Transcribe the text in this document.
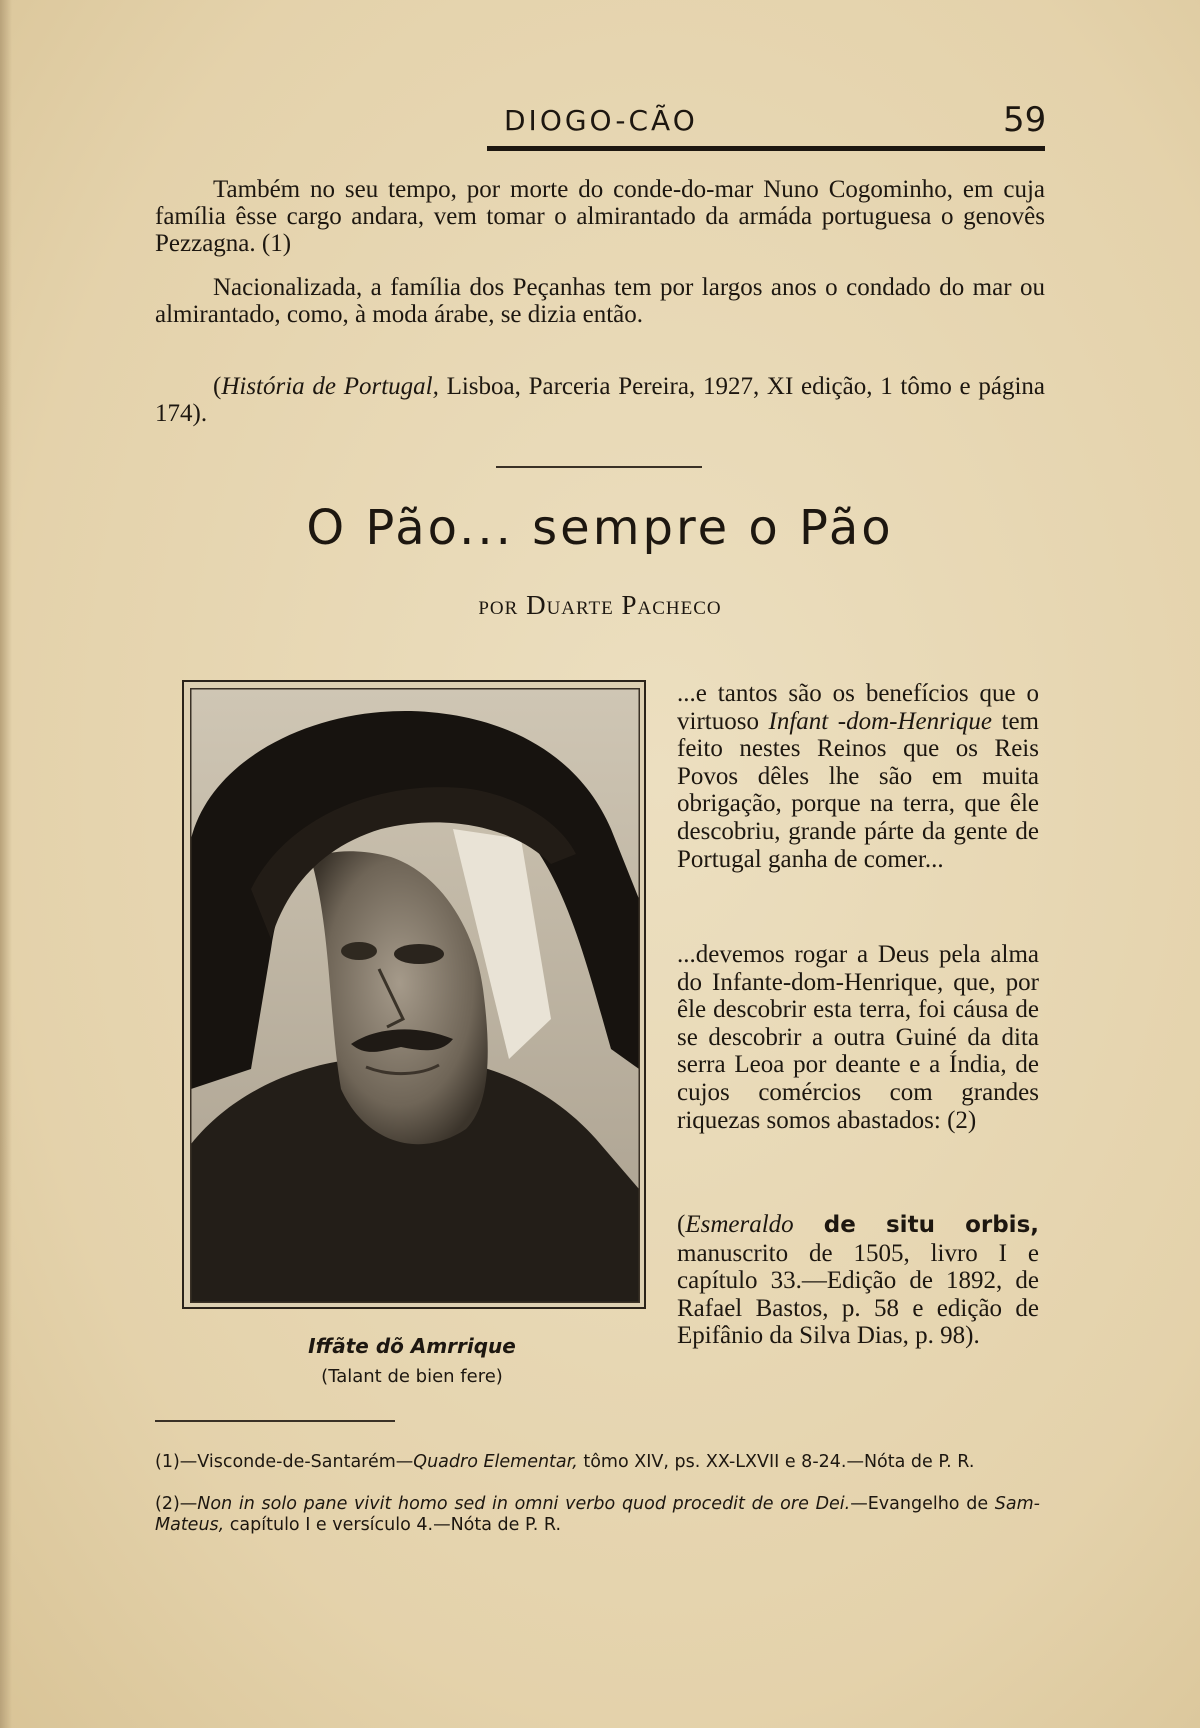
DIOGO-CÃO	59

Também no seu tempo, por morte do conde-do-mar Nuno Cogominho, em cuja família êsse cargo andara, vem tomar o almirantado da armáda portuguesa o genovês Pezzagna. (1)

Nacionalizada, a família dos Peçanhas tem por largos anos o condado do mar ou almirantado, como, à moda árabe, se dizia então.

(História de Portugal, Lisboa, Parceria Pereira, 1927, XI edição, 1 tômo e página 174).

O Pão... sempre o Pão
por Duarte Pacheco
Iffãte dõ Amrrique
(Talant de bien fere)

...e tantos são os benefícios que o virtuoso Infant -dom-Henrique tem feito nestes Reinos que os Reis Povos dêles lhe são em muita obrigação, porque na terra, que êle descobriu, grande párte da gente de Portugal ganha de comer...

...devemos rogar a Deus pela alma do Infante-dom-Henrique, que, por êle descobrir esta terra, foi cáusa de se descobrir a outra Guiné da dita serra Leoa por deante e a Índia, de cujos comércios com grandes riquezas somos abastados: (2)

(Esmeraldo de situ orbis, manuscrito de 1505, livro I e capítulo 33.—Edição de 1892, de Rafael Bastos, p. 58 e edição de Epifânio da Silva Dias, p. 98).

(1)—Visconde-de-Santarém—Quadro Elementar, tômo XIV, ps. XX-LXVII e 8-24.—Nóta de P. R.

(2)—Non in solo pane vivit homo sed in omni verbo quod procedit de ore Dei.—Evangelho de Sam-Mateus, capítulo I e versículo 4.—Nóta de P. R.
